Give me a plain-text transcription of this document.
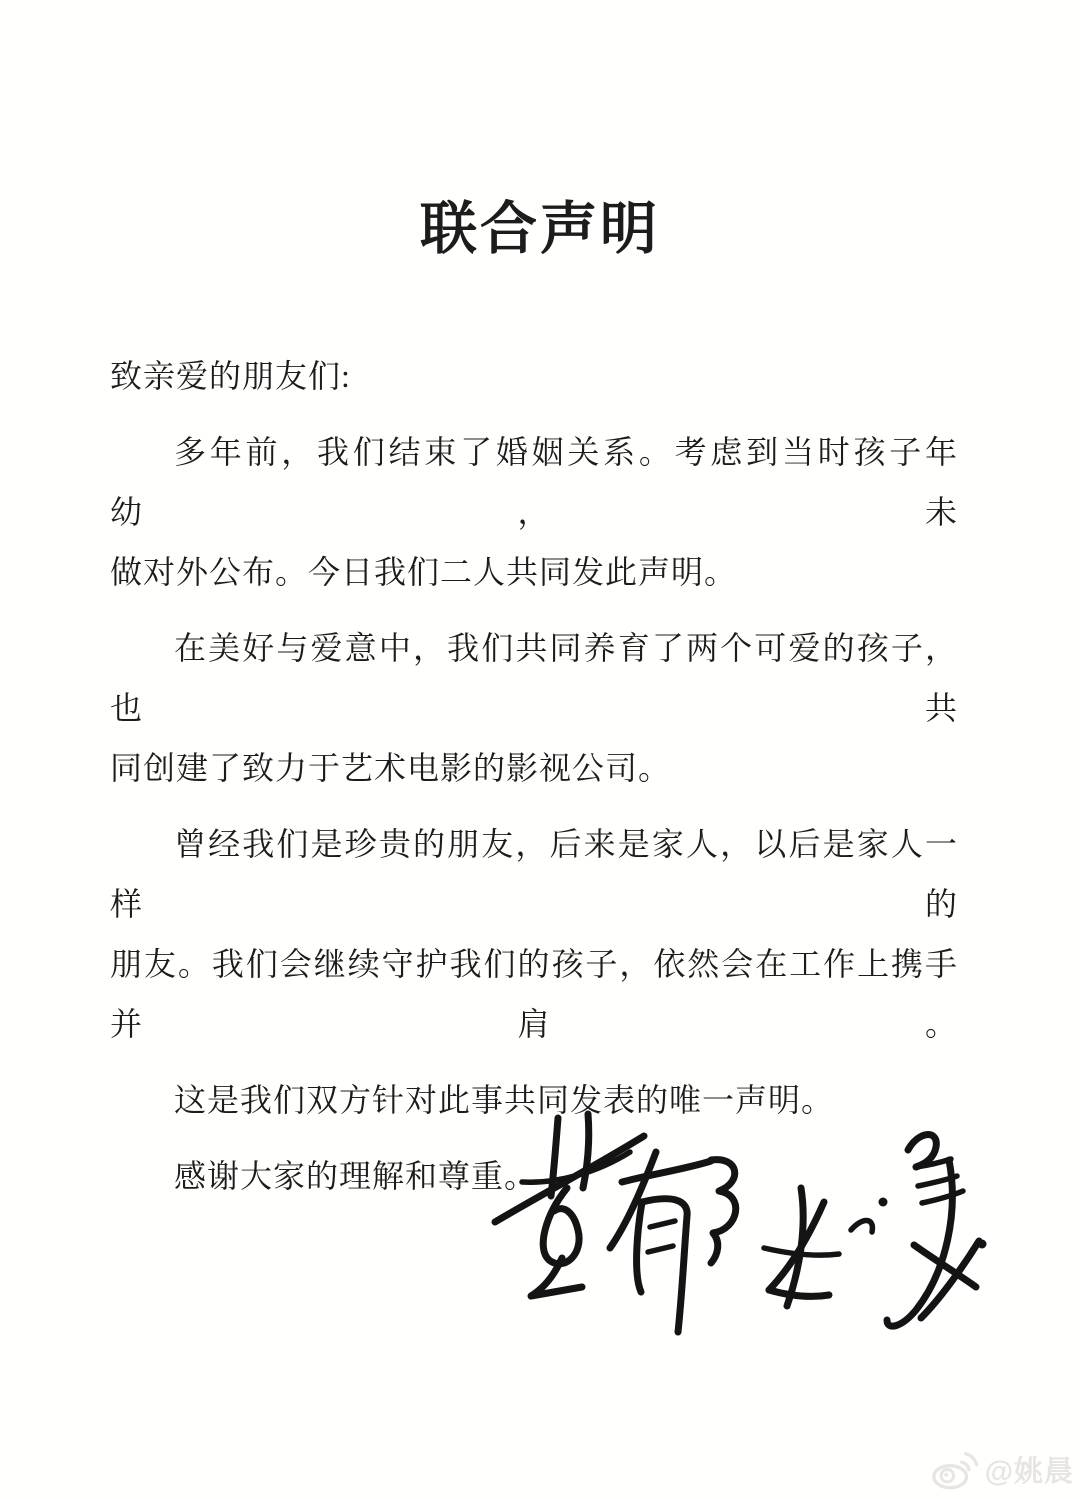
联合声明
致亲爱的朋友们:
多年前，我们结束了婚姻关系。考虑到当时孩子年幼，未
做对外公布。今日我们二人共同发此声明。
在美好与爱意中，我们共同养育了两个可爱的孩子，也共
同创建了致力于艺术电影的影视公司。
曾经我们是珍贵的朋友，后来是家人，以后是家人一样的
朋友。我们会继续守护我们的孩子，依然会在工作上携手并肩。
这是我们双方针对此事共同发表的唯一声明。
感谢大家的理解和尊重。
@姚晨
